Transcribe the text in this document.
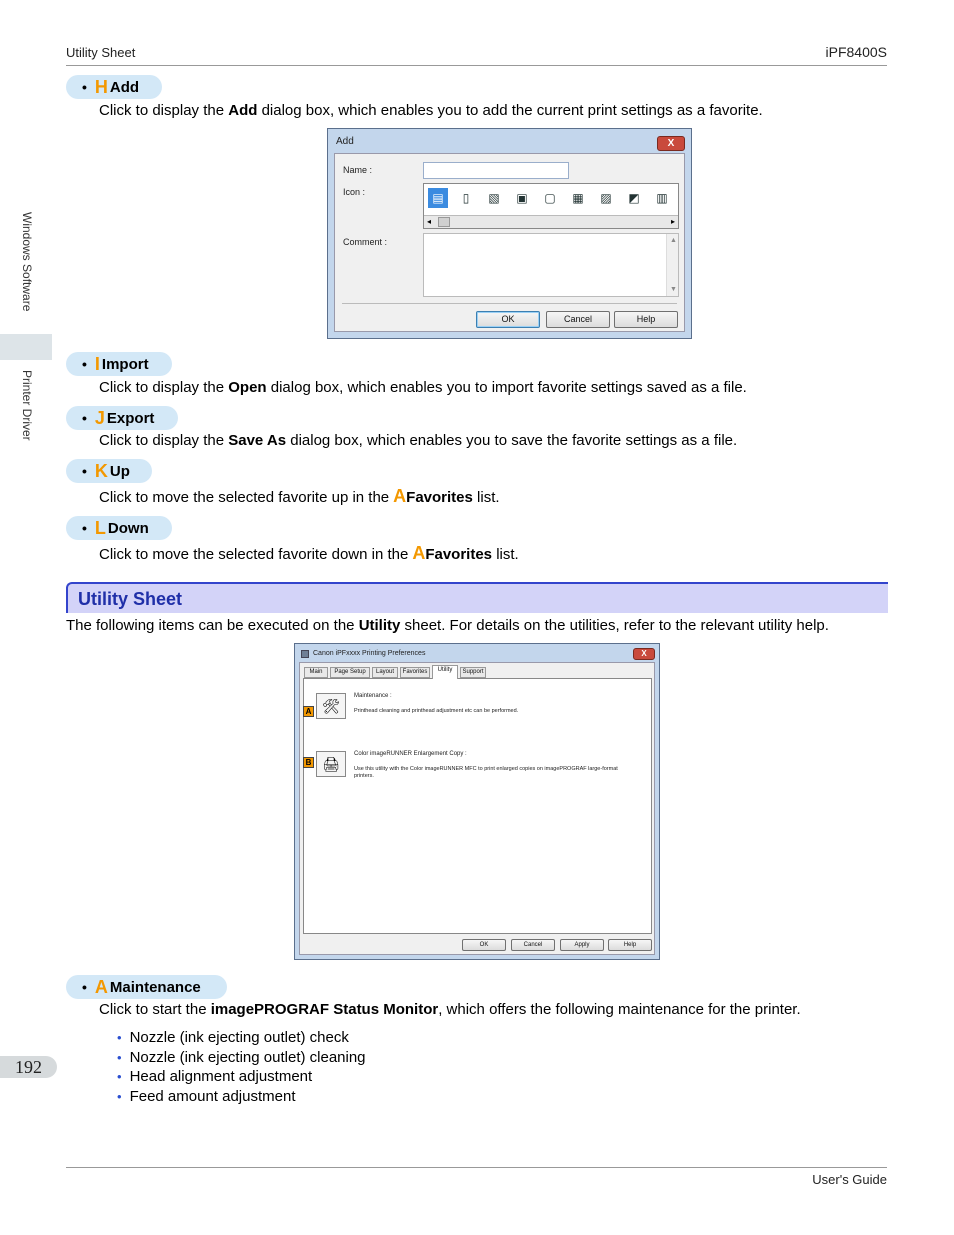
Utility Sheet	iPF8400S
Windows Software
Printer Driver
• H Add
Click to display the Add dialog box, which enables you to add the current print settings as a favorite.
Add	X
Name :
Icon :	▤	▯	▧	▣	▢	▦	▨	◩	▥
◂	▸
Comment :	▲
▼
OK	Cancel	Help
• I Import
Click to display the Open dialog box, which enables you to import favorite settings saved as a file.
• J Export
Click to display the Save As dialog box, which enables you to save the favorite settings as a file.
• K Up
Click to move the selected favorite up in the AFavorites list.
• L Down
Click to move the selected favorite down in the AFavorites list.
Utility Sheet
The following items can be executed on the Utility sheet. For details on the utilities, refer to the relevant utility help.
Canon iPFxxxx Printing Preferences	X
Main	Page Setup	Layout	Favorites	Utility	Support
A 🛠
Maintenance :
Printhead cleaning and printhead adjustment etc can be performed.
B 🖨
Color imageRUNNER Enlargement Copy :
Use this utility with the Color imageRUNNER MFC to print enlarged copies on imagePROGRAF large-format printers.
OK	Cancel	Apply	Help
• A Maintenance
Click to start the imagePROGRAF Status Monitor, which offers the following maintenance for the printer.
• Nozzle (ink ejecting outlet) check
• Nozzle (ink ejecting outlet) cleaning
• Head alignment adjustment
• Feed amount adjustment
192
User's Guide
